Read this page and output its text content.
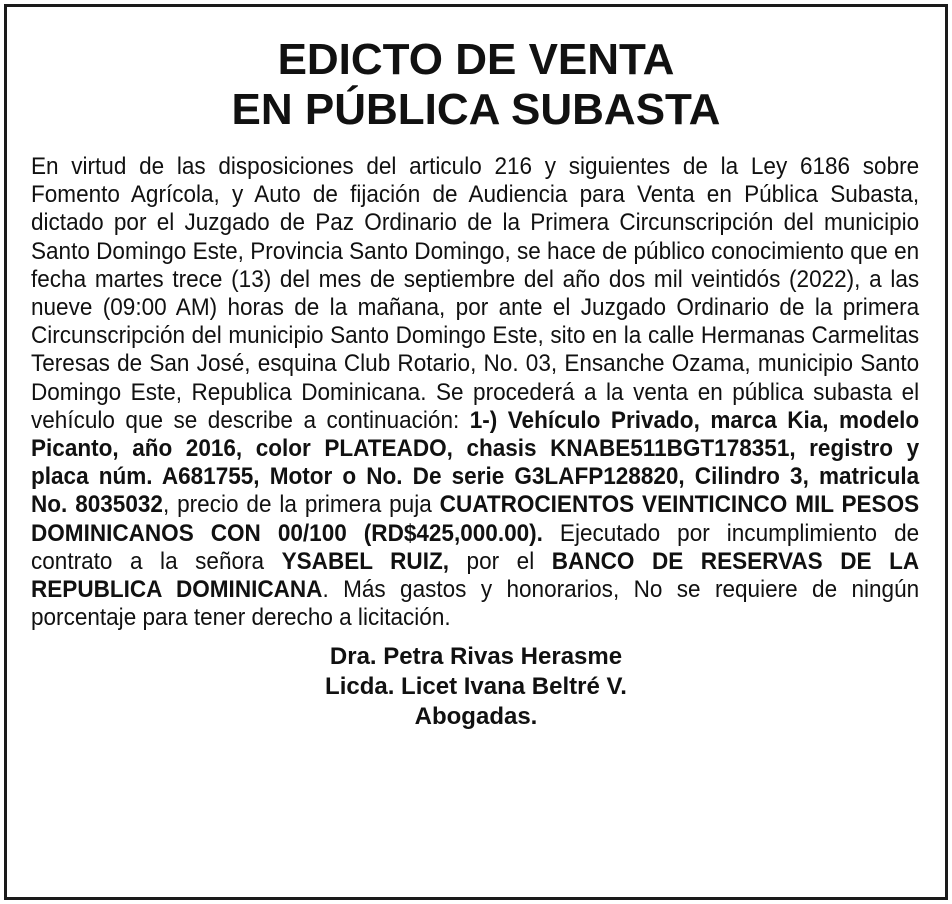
EDICTO DE VENTA
EN PÚBLICA SUBASTA

En virtud de las disposiciones del articulo 216 y siguientes de la Ley 6186 sobre Fomento Agrícola, y Auto de fijación de Audiencia para Venta en Pública Subasta, dictado por el Juzgado de Paz Ordinario de la Primera Circunscripción del municipio Santo Domingo Este, Provincia Santo Domingo, se hace de público conocimiento que en fecha martes trece (13) del mes de septiembre del año dos mil veintidós (2022), a las nueve (09:00 AM) horas de la mañana, por ante el Juzgado Ordinario de la primera Circunscripción del municipio Santo Domingo Este, sito en la calle Hermanas Carmelitas Teresas de San José, esquina Club Rotario, No. 03, Ensanche Ozama, municipio Santo Domingo Este, Republica Dominicana. Se procederá a la venta en pública subasta el vehículo que se describe a continuación: 1-) Vehículo Privado, marca Kia, modelo Picanto, año 2016, color PLATEADO, chasis KNABE511BGT178351, registro y placa núm. A681755, Motor o No. De serie G3LAFP128820, Cilindro 3, matricula No. 8035032, precio de la primera puja CUATROCIENTOS VEINTICINCO MIL PESOS DOMINICANOS CON 00/100 (RD$425,000.00). Ejecutado por incumplimiento de contrato a la señora YSABEL RUIZ, por el BANCO DE RESERVAS DE LA REPUBLICA DOMINICANA. Más gastos y honorarios, No se requiere de ningún porcentaje para tener derecho a licitación.

Dra. Petra Rivas Herasme
Licda. Licet Ivana Beltré V.
Abogadas.
